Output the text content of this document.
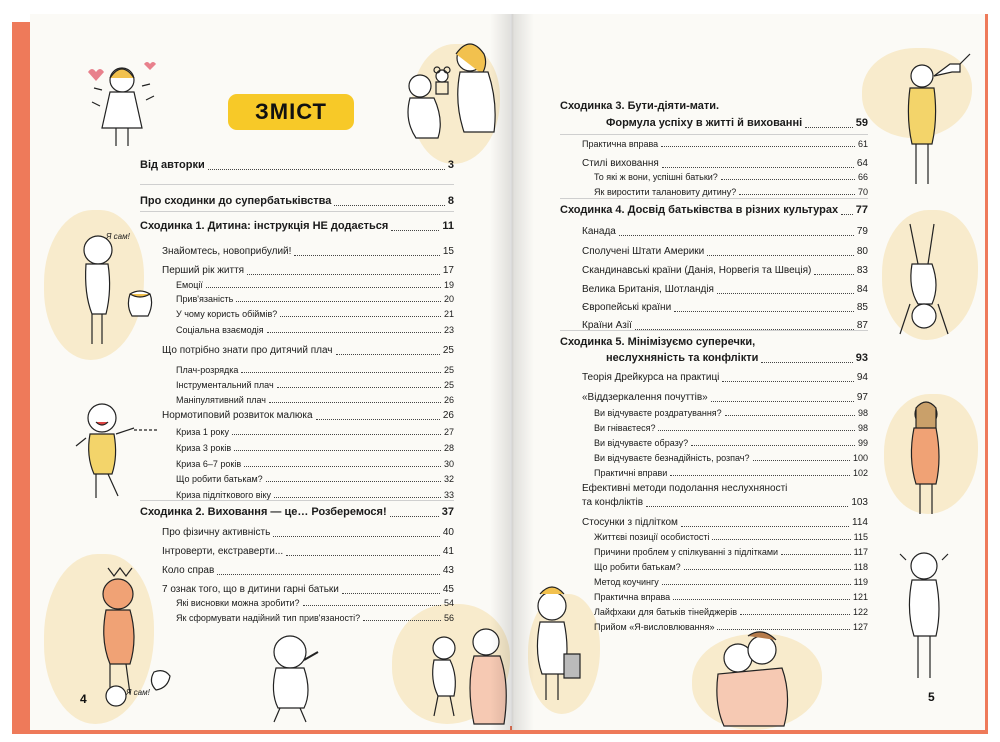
Я сам!
Я сам!
ЗМІСТ
Від авторки	3
Про сходинки до супербатьківства	8
Сходинка 1. Дитина: інструкція НЕ додається	11
Знайомтесь, новоприбулий!	15
Перший рік життя	17
Емоції	19
Прив'язаність	20
У чому користь обіймів?	21
Соціальна взаємодія	23
Що потрібно знати про дитячий плач	25
Плач-розрядка	25
Інструментальний плач	25
Маніпулятивний плач	26
Нормотиповий розвиток малюка	26
Криза 1 року	27
Криза 3 років	28
Криза 6–7 років	30
Що робити батькам?	32
Криза підліткового віку	33
Сходинка 2. Виховання — це… Розберемося!	37
Про фізичну активність	40
Інтроверти, екстраверти...	41
Коло справ	43
7 ознак того, що в дитини гарні батьки	45
Які висновки можна зробити?	54
Як сформувати надійний тип прив'язаності?	56
4
Сходинка 3. Бути-діяти-мати.
Формула успіху в житті й вихованні	59
Практична вправа	61
Стилі виховання	64
То які ж вони, успішні батьки?	66
Як виростити талановиту дитину?	70
Сходинка 4. Досвід батьківства в різних культурах 77
Канада	79
Сполучені Штати Америки	80
Скандинавські країни (Данія, Норвегія та Швеція)	83
Велика Британія, Шотландія	84
Європейські країни	85
Країни Азії	87
Сходинка 5. Мінімізуємо суперечки,
неслухняність та конфлікти	93
Теорія Дрейкурса на практиці	94
«Віддзеркалення почуттів»	97
Ви відчуваєте роздратування?	98
Ви гніваєтеся?	98
Ви відчуваєте образу?	99
Ви відчуваєте безнадійність, розпач?	100
Практичні вправи	102
Ефективні методи подолання неслухняності
та конфліктів	103
Стосунки з підлітком	114
Життєві позиції особистості	115
Причини проблем у спілкуванні з підлітками	117
Що робити батькам?	118
Метод коучингу	119
Практична вправа	121
Лайфхаки для батьків тінейджерів	122
Прийом «Я-висловлювання»	127
5
